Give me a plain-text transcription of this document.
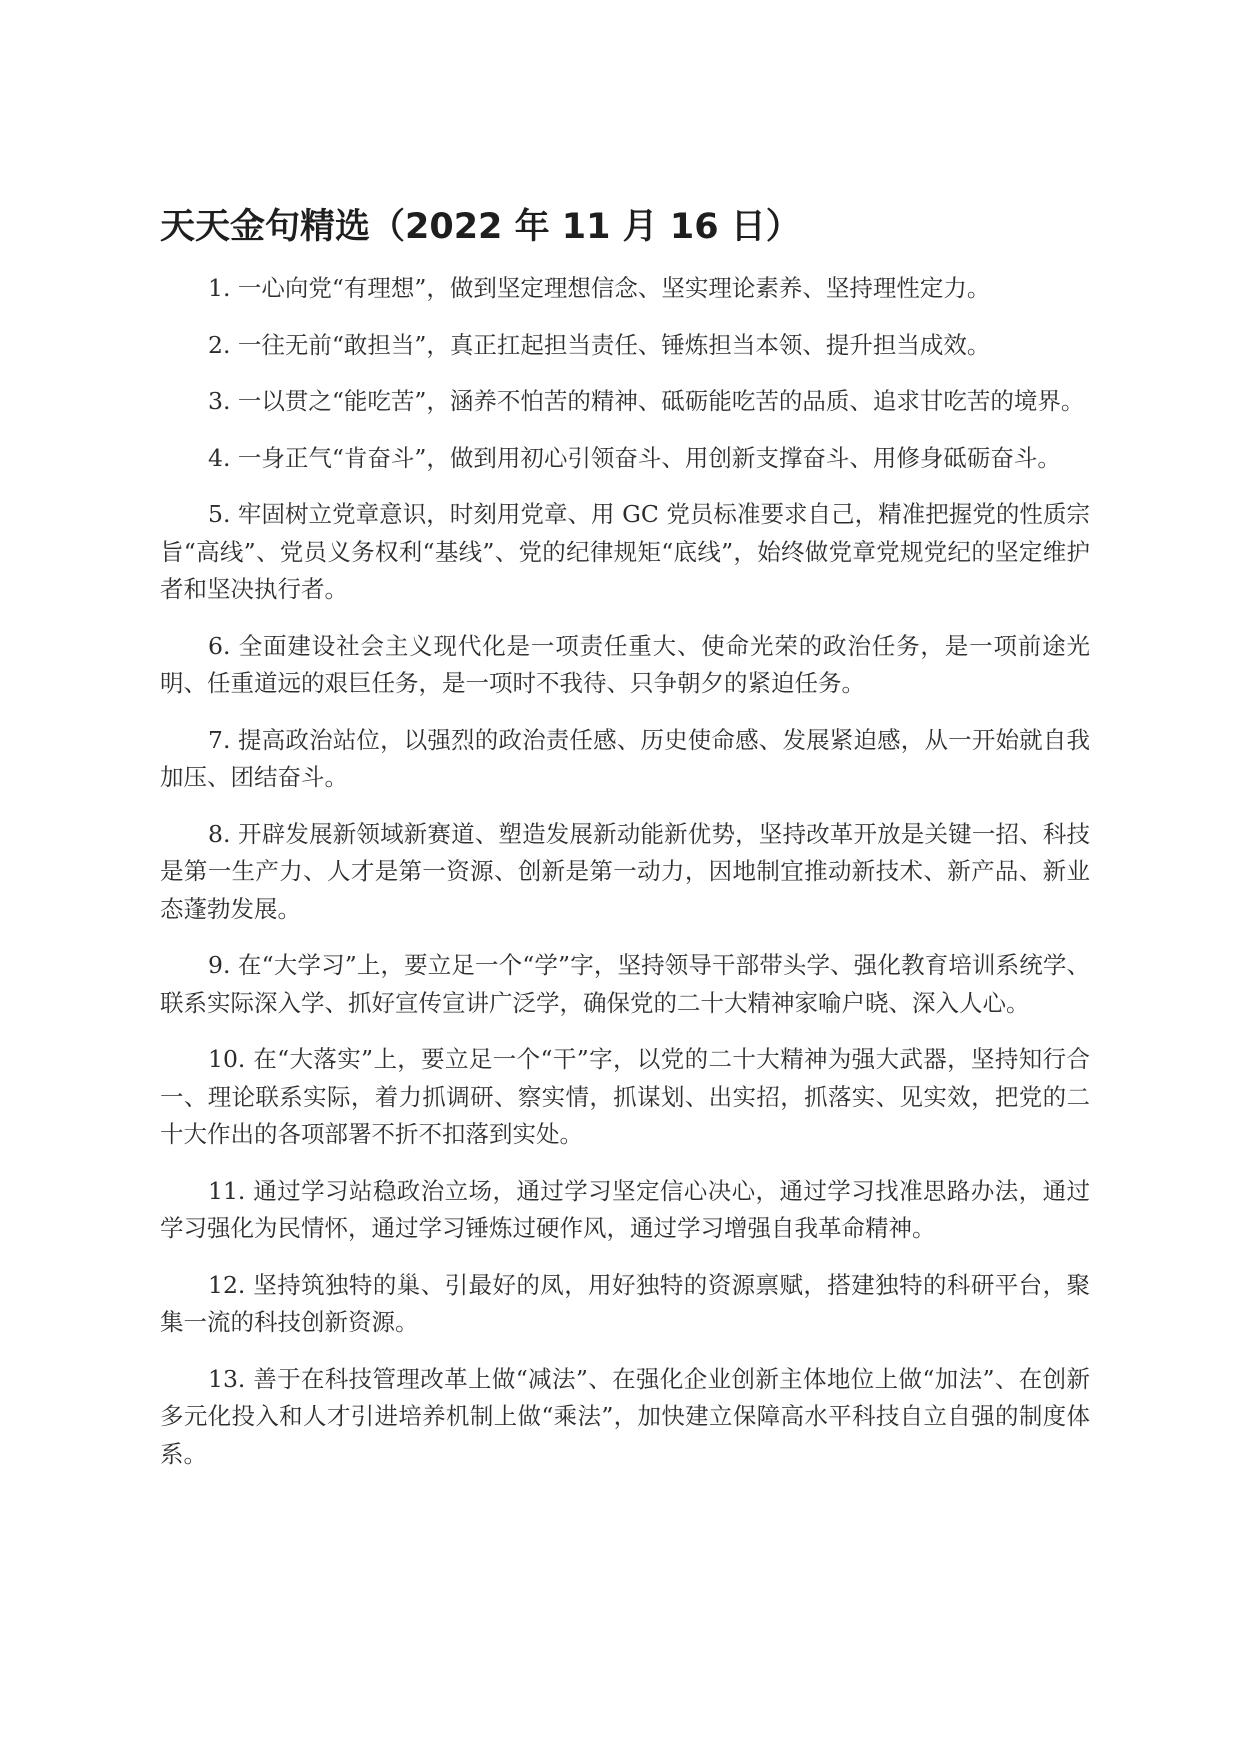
天天金句精选（2022 年 11 月 16 日）

1. 一心向党“有理想”，做到坚定理想信念、坚实理论素养、坚持理性定力。

2. 一往无前“敢担当”，真正扛起担当责任、锤炼担当本领、提升担当成效。

3. 一以贯之“能吃苦”，涵养不怕苦的精神、砥砺能吃苦的品质、追求甘吃苦的境界。

4. 一身正气“肯奋斗”，做到用初心引领奋斗、用创新支撑奋斗、用修身砥砺奋斗。

5. 牢固树立党章意识，时刻用党章、用 GC 党员标准要求自己，精准把握党的性质宗旨“高线”、党员义务权利“基线”、党的纪律规矩“底线”，始终做党章党规党纪的坚定维护者和坚决执行者。

6. 全面建设社会主义现代化是一项责任重大、使命光荣的政治任务，是一项前途光明、任重道远的艰巨任务，是一项时不我待、只争朝夕的紧迫任务。

7. 提高政治站位，以强烈的政治责任感、历史使命感、发展紧迫感，从一开始就自我加压、团结奋斗。

8. 开辟发展新领域新赛道、塑造发展新动能新优势，坚持改革开放是关键一招、科技是第一生产力、人才是第一资源、创新是第一动力，因地制宜推动新技术、新产品、新业态蓬勃发展。

9. 在“大学习”上，要立足一个“学”字，坚持领导干部带头学、强化教育培训系统学、联系实际深入学、抓好宣传宣讲广泛学，确保党的二十大精神家喻户晓、深入人心。

10. 在“大落实”上，要立足一个“干”字，以党的二十大精神为强大武器，坚持知行合一、理论联系实际，着力抓调研、察实情，抓谋划、出实招，抓落实、见实效，把党的二十大作出的各项部署不折不扣落到实处。

11. 通过学习站稳政治立场，通过学习坚定信心决心，通过学习找准思路办法，通过学习强化为民情怀，通过学习锤炼过硬作风，通过学习增强自我革命精神。

12. 坚持筑独特的巢、引最好的凤，用好独特的资源禀赋，搭建独特的科研平台，聚集一流的科技创新资源。

13. 善于在科技管理改革上做“减法”、在强化企业创新主体地位上做“加法”、在创新多元化投入和人才引进培养机制上做“乘法”，加快建立保障高水平科技自立自强的制度体系。
